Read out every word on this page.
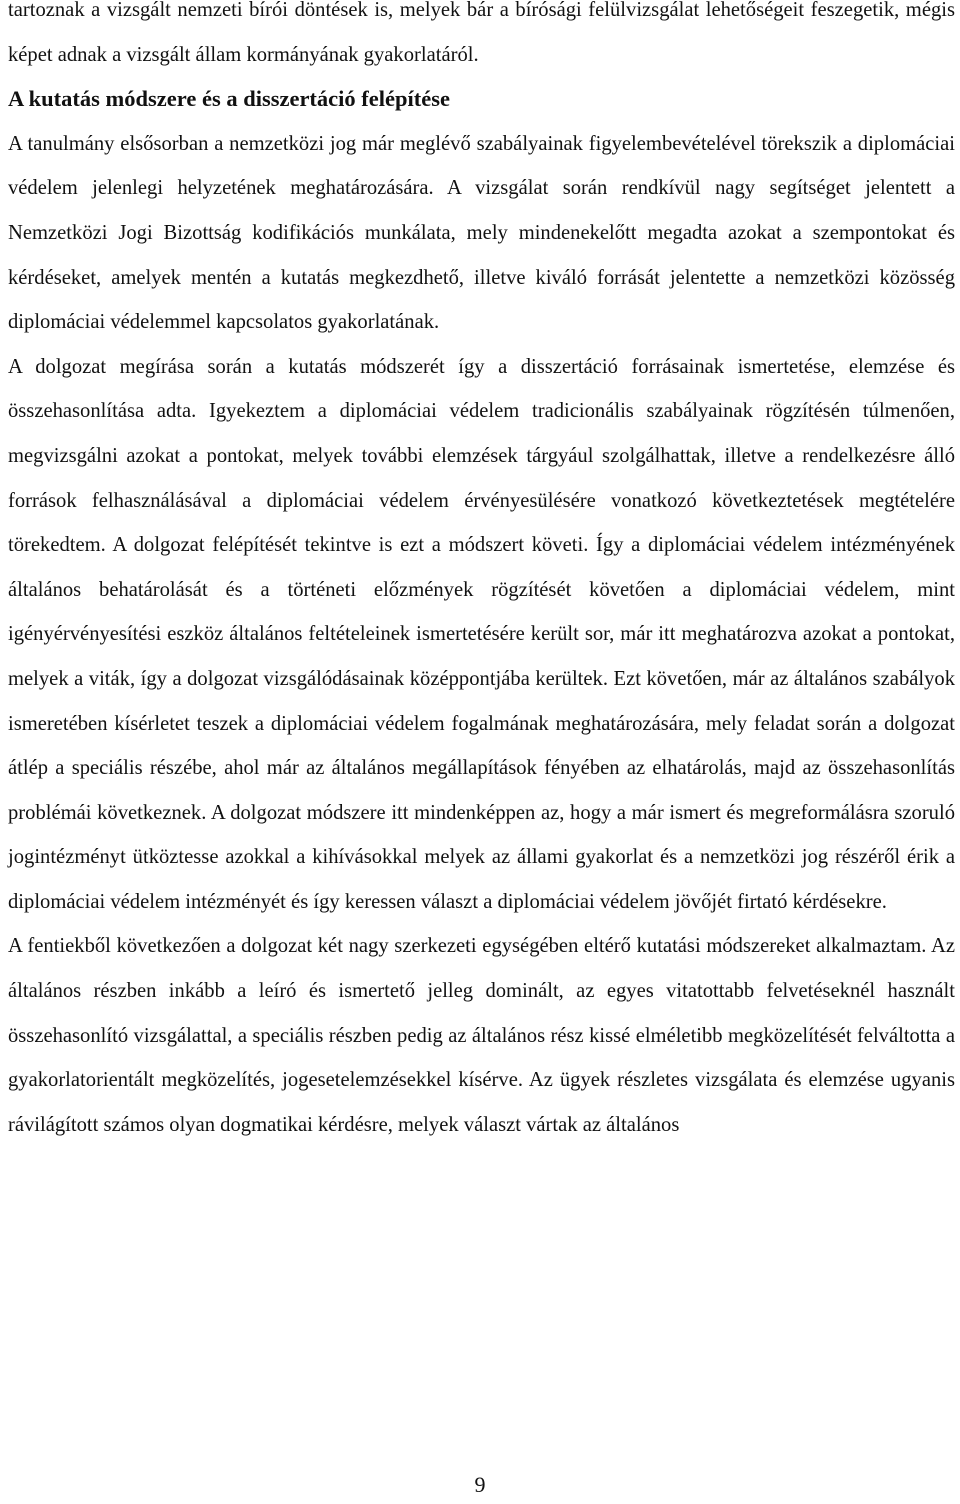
tartoznak a vizsgált nemzeti bírói döntések is, melyek bár a bírósági felülvizsgálat lehetőségeit feszegetik, mégis képet adnak a vizsgált állam kormányának gyakorlatáról.

A kutatás módszere és a disszertáció felépítése

A tanulmány elsősorban a nemzetközi jog már meglévő szabályainak figyelembevételével törekszik a diplomáciai védelem jelenlegi helyzetének meghatározására. A vizsgálat során rendkívül nagy segítséget jelentett a Nemzetközi Jogi Bizottság kodifikációs munkálata, mely mindenekelőtt megadta azokat a szempontokat és kérdéseket, amelyek mentén a kutatás megkezdhető, illetve kiváló forrását jelentette a nemzetközi közösség diplomáciai védelemmel kapcsolatos gyakorlatának.

A dolgozat megírása során a kutatás módszerét így a disszertáció forrásainak ismertetése, elemzése és összehasonlítása adta. Igyekeztem a diplomáciai védelem tradicionális szabályainak rögzítésén túlmenően, megvizsgálni azokat a pontokat, melyek további elemzések tárgyául szolgálhattak, illetve a rendelkezésre álló források felhasználásával a diplomáciai védelem érvényesülésére vonatkozó következtetések megtételére törekedtem. A dolgozat felépítését tekintve is ezt a módszert követi. Így a diplomáciai védelem intézményének általános behatárolását és a történeti előzmények rögzítését követően a diplomáciai védelem, mint igényérvényesítési eszköz általános feltételeinek ismertetésére került sor, már itt meghatározva azokat a pontokat, melyek a viták, így a dolgozat vizsgálódásainak középpontjába kerültek. Ezt követően, már az általános szabályok ismeretében kísérletet teszek a diplomáciai védelem fogalmának meghatározására, mely feladat során a dolgozat átlép a speciális részébe, ahol már az általános megállapítások fényében az elhatárolás, majd az összehasonlítás problémái következnek. A dolgozat módszere itt mindenképpen az, hogy a már ismert és megreformálásra szoruló jogintézményt ütköztesse azokkal a kihívásokkal melyek az állami gyakorlat és a nemzetközi jog részéről érik a diplomáciai védelem intézményét és így keressen választ a diplomáciai védelem jövőjét firtató kérdésekre.

A fentiekből következően a dolgozat két nagy szerkezeti egységében eltérő kutatási módszereket alkalmaztam. Az általános részben inkább a leíró és ismertető jelleg dominált, az egyes vitatottabb felvetéseknél használt összehasonlító vizsgálattal, a speciális részben pedig az általános rész kissé elméletibb megközelítését felváltotta a gyakorlatorientált megközelítés, jogesetelemzésekkel kísérve. Az ügyek részletes vizsgálata és elemzése ugyanis rávilágított számos olyan dogmatikai kérdésre, melyek választ vártak az általános

9
